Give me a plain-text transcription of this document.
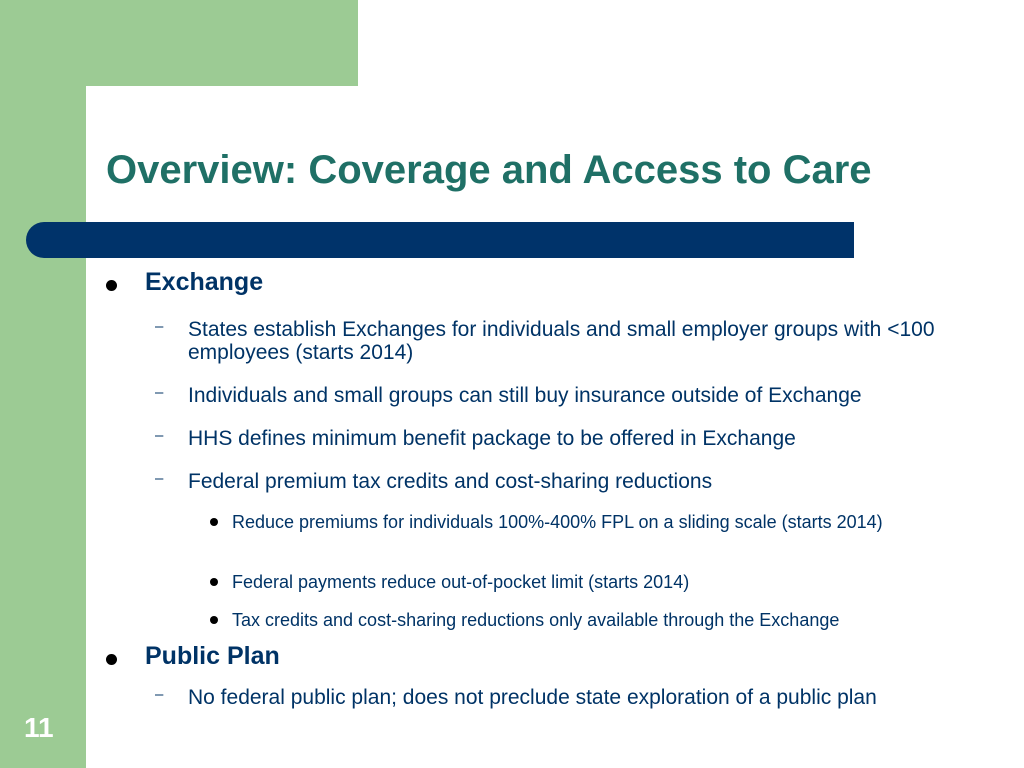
Overview: Coverage and Access to Care
Exchange
– States establish Exchanges for individuals and small employer groups with <100 employees (starts 2014)
– Individuals and small groups can still buy insurance outside of Exchange
– HHS defines minimum benefit package to be offered in Exchange
– Federal premium tax credits and cost-sharing reductions
Reduce premiums for individuals 100%-400% FPL on a sliding scale (starts 2014)
Federal payments reduce out-of-pocket limit (starts 2014)
Tax credits and cost-sharing reductions only available through the Exchange
Public Plan
– No federal public plan; does not preclude state exploration of a public plan
11
